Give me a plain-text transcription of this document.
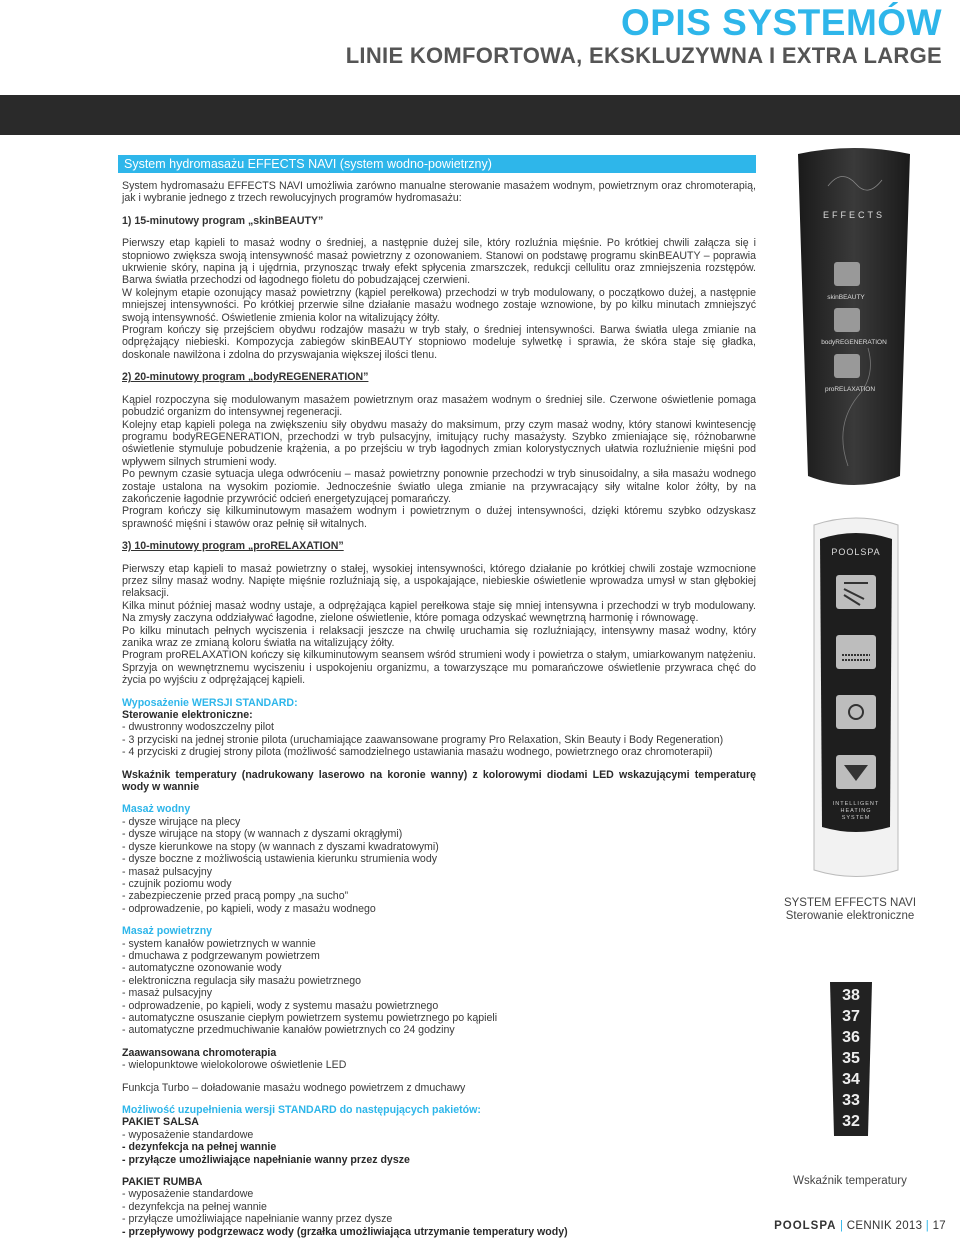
OPIS SYSTEMÓW
LINIE KOMFORTOWA, EKSKLUZYWNA I EXTRA LARGE
System hydromasażu EFFECTS NAVI (system wodno-powietrzny)

System hydromasażu EFFECTS NAVI umożliwia zarówno manualne sterowanie masażem wodnym, powietrznym oraz chromoterapią, jak i wybranie jednego z trzech rewolucyjnych programów hydromasażu:

1) 15-minutowy program „skinBEAUTY”

Pierwszy etap kąpieli to masaż wodny o średniej, a następnie dużej sile, który rozluźnia mięśnie. Po krótkiej chwili załącza się i stopniowo zwiększa swoją intensywność masaż powietrzny z ozonowaniem. Stanowi on podstawę programu skinBEAUTY – poprawia ukrwienie skóry, napina ją i ujędrnia, przynosząc trwały efekt spłycenia zmarszczek, redukcji cellulitu oraz zmniejszenia rozstępów. Barwa światła przechodzi od łagodnego fioletu do pobudzającej czerwieni.

W kolejnym etapie ozonujący masaż powietrzny (kąpiel perełkowa) przechodzi w tryb modulowany, o początkowo dużej, a następnie mniejszej intensywności. Po krótkiej przerwie silne działanie masażu wodnego zostaje wznowione, by po kilku minutach zmniejszyć swoją intensywność. Oświetlenie zmienia kolor na witalizujący żółty.

Program kończy się przejściem obydwu rodzajów masażu w tryb stały, o średniej intensywności. Barwa światła ulega zmianie na odprężający niebieski. Kompozycja zabiegów skinBEAUTY stopniowo modeluje sylwetkę i sprawia, że skóra staje się gładka, doskonale nawilżona i zdolna do przyswajania większej ilości tlenu.

2) 20-minutowy program „bodyREGENERATION”

Kąpiel rozpoczyna się modulowanym masażem powietrznym oraz masażem wodnym o średniej sile. Czerwone oświetlenie pomaga pobudzić organizm do intensywnej regeneracji.

Kolejny etap kąpieli polega na zwiększeniu siły obydwu masaży do maksimum, przy czym masaż wodny, który stanowi kwintesencję programu bodyREGENERATION, przechodzi w tryb pulsacyjny, imitujący ruchy masażysty. Szybko zmieniające się, różnobarwne oświetlenie stymuluje pobudzenie krążenia, a po przejściu w tryb łagodnych zmian kolorystycznych ułatwia rozluźnienie mięśni pod wpływem silnych strumieni wody.

Po pewnym czasie sytuacja ulega odwróceniu – masaż powietrzny ponownie przechodzi w tryb sinusoidalny, a siła masażu wodnego zostaje ustalona na wysokim poziomie. Jednocześnie światło ulega zmianie na przywracający siły witalne kolor żółty, by na zakończenie łagodnie przywrócić odcień energetyzującej pomarańczy.

Program kończy się kilkuminutowym masażem wodnym i powietrznym o dużej intensywności, dzięki któremu szybko odzyskasz sprawność mięśni i stawów oraz pełnię sił witalnych.

3) 10-minutowy program „proRELAXATION”

Pierwszy etap kąpieli to masaż powietrzny o stałej, wysokiej intensywności, którego działanie po krótkiej chwili zostaje wzmocnione przez silny masaż wodny. Napięte mięśnie rozluźniają się, a uspokajające, niebieskie oświetlenie wprowadza umysł w stan głębokiej relaksacji.

Kilka minut później masaż wodny ustaje, a odprężająca kąpiel perełkowa staje się mniej intensywna i przechodzi w tryb modulowany. Na zmysły zaczyna oddziaływać łagodne, zielone oświetlenie, które pomaga odzyskać wewnętrzną harmonię i równowagę.

Po kilku minutach pełnych wyciszenia i relaksacji jeszcze na chwilę uruchamia się rozluźniający, intensywny masaż wodny, który zanika wraz ze zmianą koloru światła na witalizujący żółty.

Program proRELAXATION kończy się kilkuminutowym seansem wśród strumieni wody i powietrza o stałym, umiarkowanym natężeniu. Sprzyja on wewnętrznemu wyciszeniu i uspokojeniu organizmu, a towarzyszące mu pomarańczowe oświetlenie przywraca chęć do życia po wyjściu z odprężającej kąpieli.

Wyposażenie WERSJI STANDARD:

Sterowanie elektroniczne:

- dwustronny wodoszczelny pilot

- 3 przyciski na jednej stronie pilota (uruchamiające zaawansowane programy Pro Relaxation, Skin Beauty i Body Regeneration)

- 4 przyciski z drugiej strony pilota (możliwość samodzielnego ustawiania masażu wodnego, powietrznego oraz chromoterapii)

Wskaźnik temperatury (nadrukowany laserowo na koronie wanny) z kolorowymi diodami LED wskazującymi temperaturę wody w wannie

Masaż wodny

- dysze wirujące na plecy

- dysze wirujące na stopy (w wannach z dyszami okrągłymi)

- dysze kierunkowe na stopy (w wannach z dyszami kwadratowymi)

- dysze boczne z możliwością ustawienia kierunku strumienia wody

- masaż pulsacyjny

- czujnik poziomu wody

- zabezpieczenie przed pracą pompy „na sucho”

- odprowadzenie, po kąpieli, wody z masażu wodnego

Masaż powietrzny

- system kanałów powietrznych w wannie

- dmuchawa z podgrzewanym powietrzem

- automatyczne ozonowanie wody

- elektroniczna regulacja siły masażu powietrznego

- masaż pulsacyjny

- odprowadzenie, po kąpieli, wody z systemu masażu powietrznego

- automatyczne osuszanie ciepłym powietrzem systemu powietrznego po kąpieli

- automatyczne przedmuchiwanie kanałów powietrznych co 24 godziny

Zaawansowana chromoterapia

- wielopunktowe wielokolorowe oświetlenie LED

Funkcja Turbo – doładowanie masażu wodnego powietrzem z dmuchawy

Możliwość uzupełnienia wersji STANDARD do następujących pakietów:

PAKIET SALSA

- wyposażenie standardowe

- dezynfekcja na pełnej wannie

- przyłącze umożliwiające napełnianie wanny przez dysze

PAKIET RUMBA

- wyposażenie standardowe

- dezynfekcja na pełnej wannie

- przyłącze umożliwiające napełnianie wanny przez dysze

- przepływowy podgrzewacz wody (grzałka umożliwiająca utrzymanie temperatury wody)

EFFECTS
skinBEAUTY
bodyREGENERATION
proRELAXATION
POOLSPA
INTELLIGENT
HEATING
SYSTEM
SYSTEM EFFECTS NAVI
Sterowanie elektroniczne
38
37
36
35
34
33
32
Wskaźnik temperatury
POOLSPA | CENNIK 2013 | 17
